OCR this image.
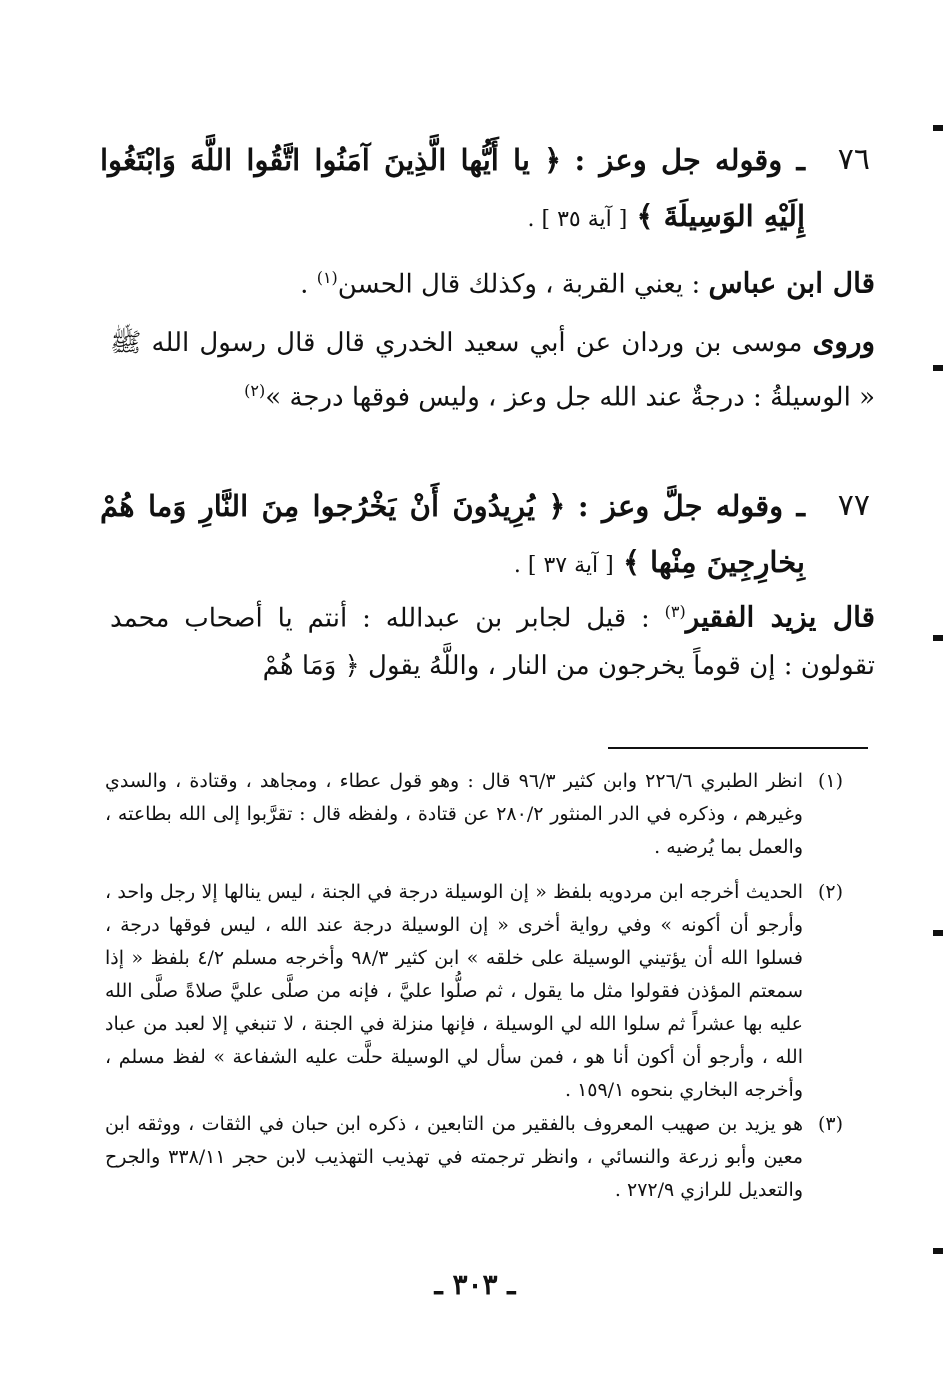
٧٦
ـ وقوله جل وعز : ﴿ يا أَيُّها الَّذِينَ آمَنُوا اتَّقُوا اللَّهَ وَابْتَغُوا إِلَيْهِ الوَسِيلَةَ ﴾ [ آية ٣٥ ] .
قال ابن عباس : يعني القربة ، وكذلك قال الحسن$^{(١)}$ .
وروى موسى بن وردان عن أبي سعيد الخدري قال قال رسول الله ﷺ « الوسيلةُ : درجةٌ عند الله جل وعز ، وليس فوقها درجة »$^{(٢)}$
٧٧
ـ وقوله جلَّ وعز : ﴿ يُرِيدُونَ أَنْ يَخْرُجوا مِنَ النَّارِ وَما هُمْ بِخارِجِينَ مِنْها ﴾ [ آية ٣٧ ] .
قال يزيد الفقير$^{(٣)}$ : قيل لجابر بن عبدالله : أنتم يا أصحاب محمد تقولون : إن قوماً يخرجون من النار ، واللَّهُ يقول ﴿ وَمَا هُمْ
(١)
انظر الطبري ٢٢٦/٦ وابن كثير ٩٦/٣ قال : وهو قول عطاء ، ومجاهد ، وقتادة ، والسدي وغيرهم ، وذكره في الدر المنثور ٢٨٠/٢ عن قتادة ، ولفظه قال : تقرَّبوا إلى الله بطاعته ، والعمل بما يُرضيه .
(٢)
الحديث أخرجه ابن مردويه بلفظ « إن الوسيلة درجة في الجنة ، ليس ينالها إلا رجل واحد ، وأرجو أن أكونه » وفي رواية أخرى « إن الوسيلة درجة عند الله ، ليس فوقها درجة ، فسلوا الله أن يؤتيني الوسيلة على خلقه » ابن كثير ٩٨/٣ وأخرجه مسلم ٤/٢ بلفظ « إذا سمعتم المؤذن فقولوا مثل ما يقول ، ثم صلُّوا عليَّ ، فإنه من صلَّى عليَّ صلاةً صلَّى الله عليه بها عشراً ثم سلوا الله لي الوسيلة ، فإنها منزلة في الجنة ، لا تنبغي إلا لعبد من عباد الله ، وأرجو أن أكون أنا هو ، فمن سأل لي الوسيلة حلَّت عليه الشفاعة » لفظ مسلم ، وأخرجه البخاري بنحوه ١٥٩/١ .
(٣)
هو يزيد بن صهيب المعروف بالفقير من التابعين ، ذكره ابن حبان في الثقات ، ووثقه ابن معين وأبو زرعة والنسائي ، وانظر ترجمته في تهذيب التهذيب لابن حجر ٣٣٨/١١ والجرح والتعديل للرازي ٢٧٢/٩ .
ـ ٣٠٣ ـ
